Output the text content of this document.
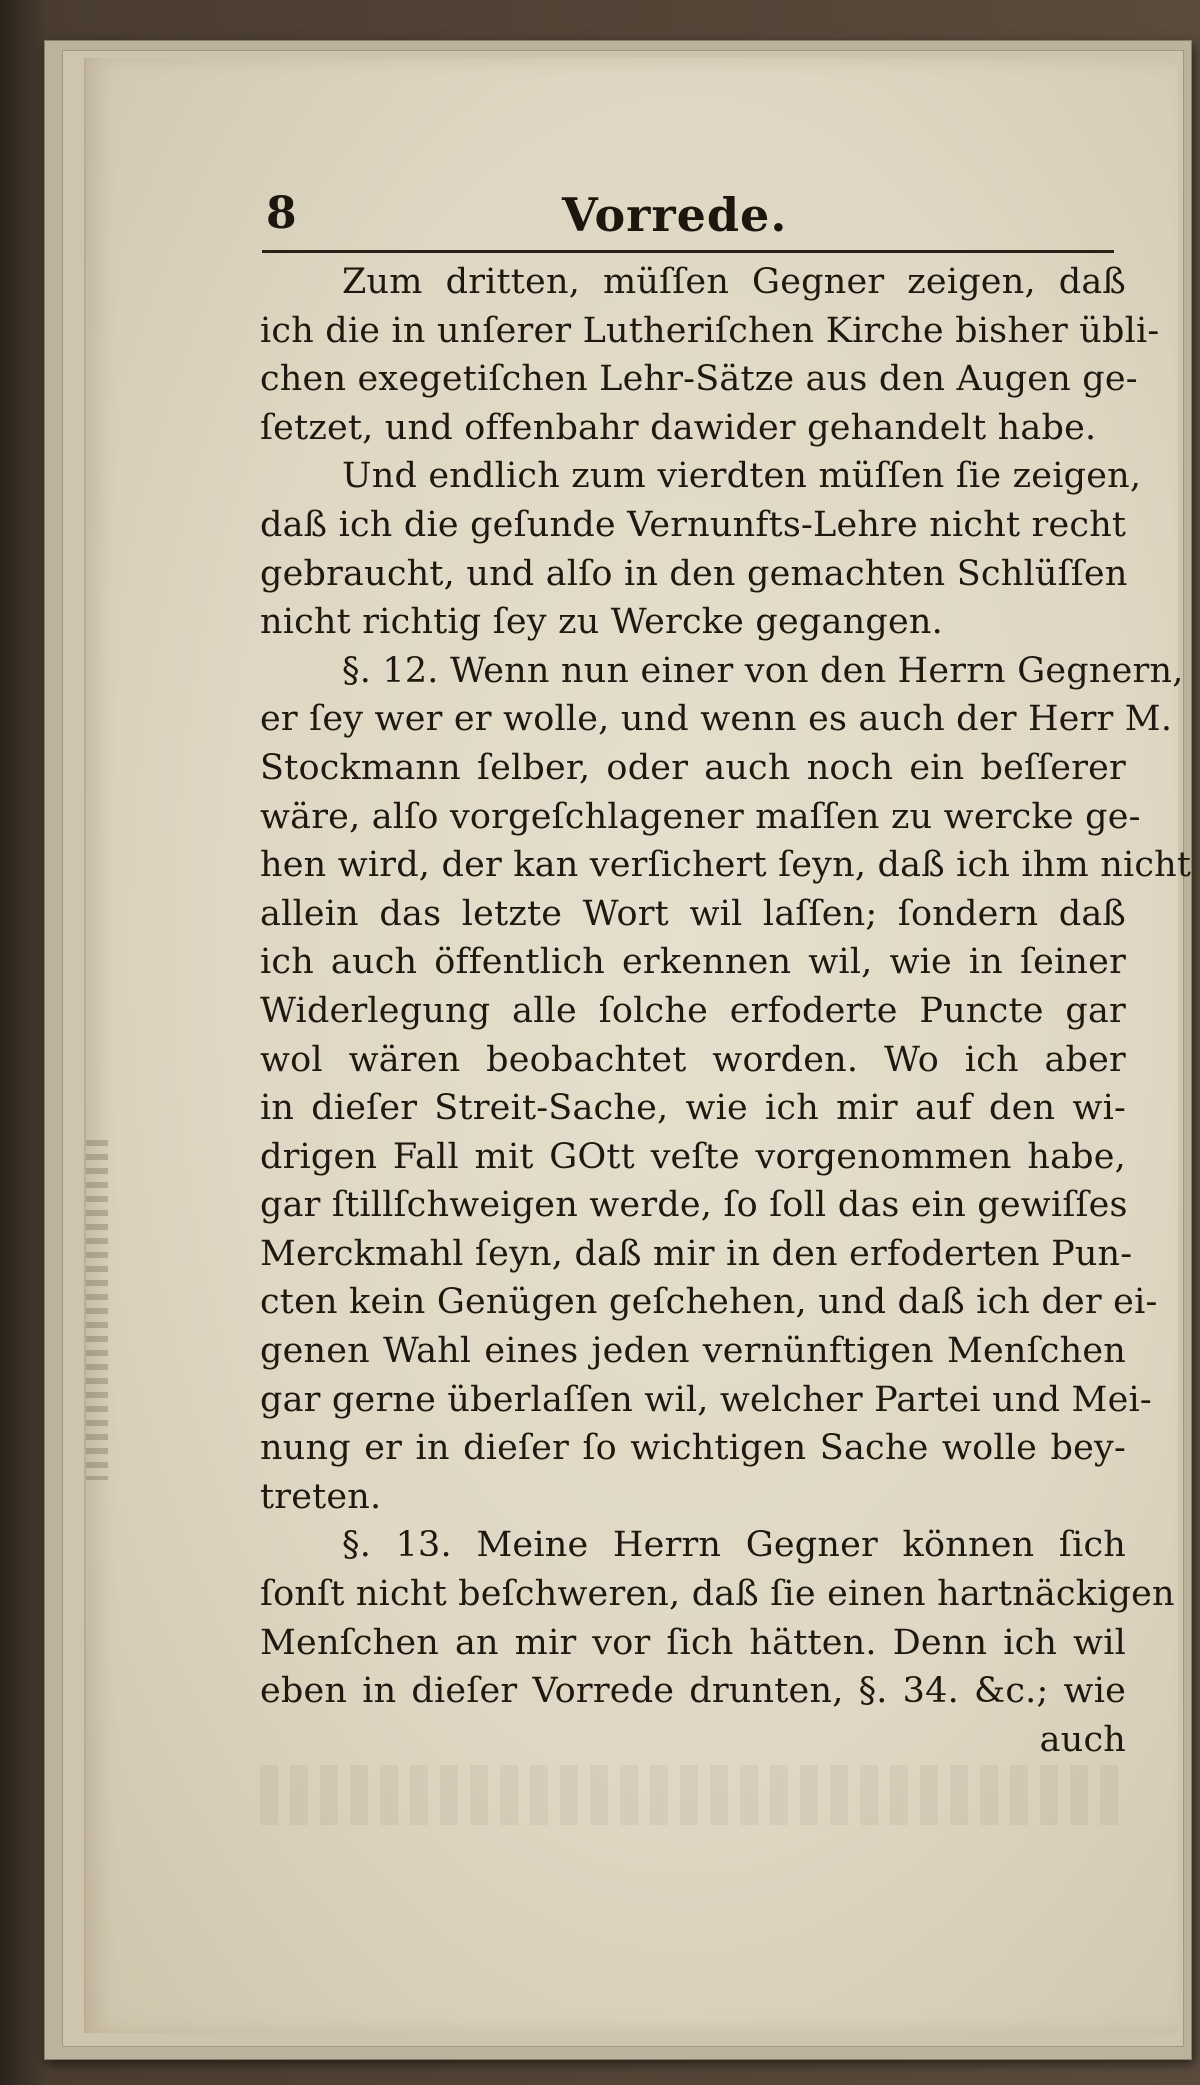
8	Vorrede.
Zum dritten, müſſen Gegner zeigen, daß
ich die in unſerer Lutheriſchen Kirche bisher übli-
chen exegetiſchen Lehr-Sätze aus den Augen ge-
ſetzet, und offenbahr dawider gehandelt habe.
Und endlich zum vierdten müſſen ſie zeigen,
daß ich die geſunde Vernunfts-Lehre nicht recht
gebraucht, und alſo in den gemachten Schlüſſen
nicht richtig ſey zu Wercke gegangen.
§. 12. Wenn nun einer von den Herrn Gegnern,
er ſey wer er wolle, und wenn es auch der Herr M.
Stockmann ſelber, oder auch noch ein beſſerer
wäre, alſo vorgeſchlagener maſſen zu wercke ge-
hen wird, der kan verſichert ſeyn, daß ich ihm nicht
allein das letzte Wort wil laſſen; ſondern daß
ich auch öffentlich erkennen wil, wie in ſeiner
Widerlegung alle ſolche erfoderte Puncte gar
wol wären beobachtet worden. Wo ich aber
in dieſer Streit-Sache, wie ich mir auf den wi-
drigen Fall mit GOtt veſte vorgenommen habe,
gar ſtillſchweigen werde, ſo ſoll das ein gewiſſes
Merckmahl ſeyn, daß mir in den erfoderten Pun-
cten kein Genügen geſchehen, und daß ich der ei-
genen Wahl eines jeden vernünftigen Menſchen
gar gerne überlaſſen wil, welcher Partei und Mei-
nung er in dieſer ſo wichtigen Sache wolle bey-
treten.
§. 13. Meine Herrn Gegner können ſich
ſonſt nicht beſchweren, daß ſie einen hartnäckigen
Menſchen an mir vor ſich hätten. Denn ich wil
eben in dieſer Vorrede drunten, §. 34. &c.; wie
auch
